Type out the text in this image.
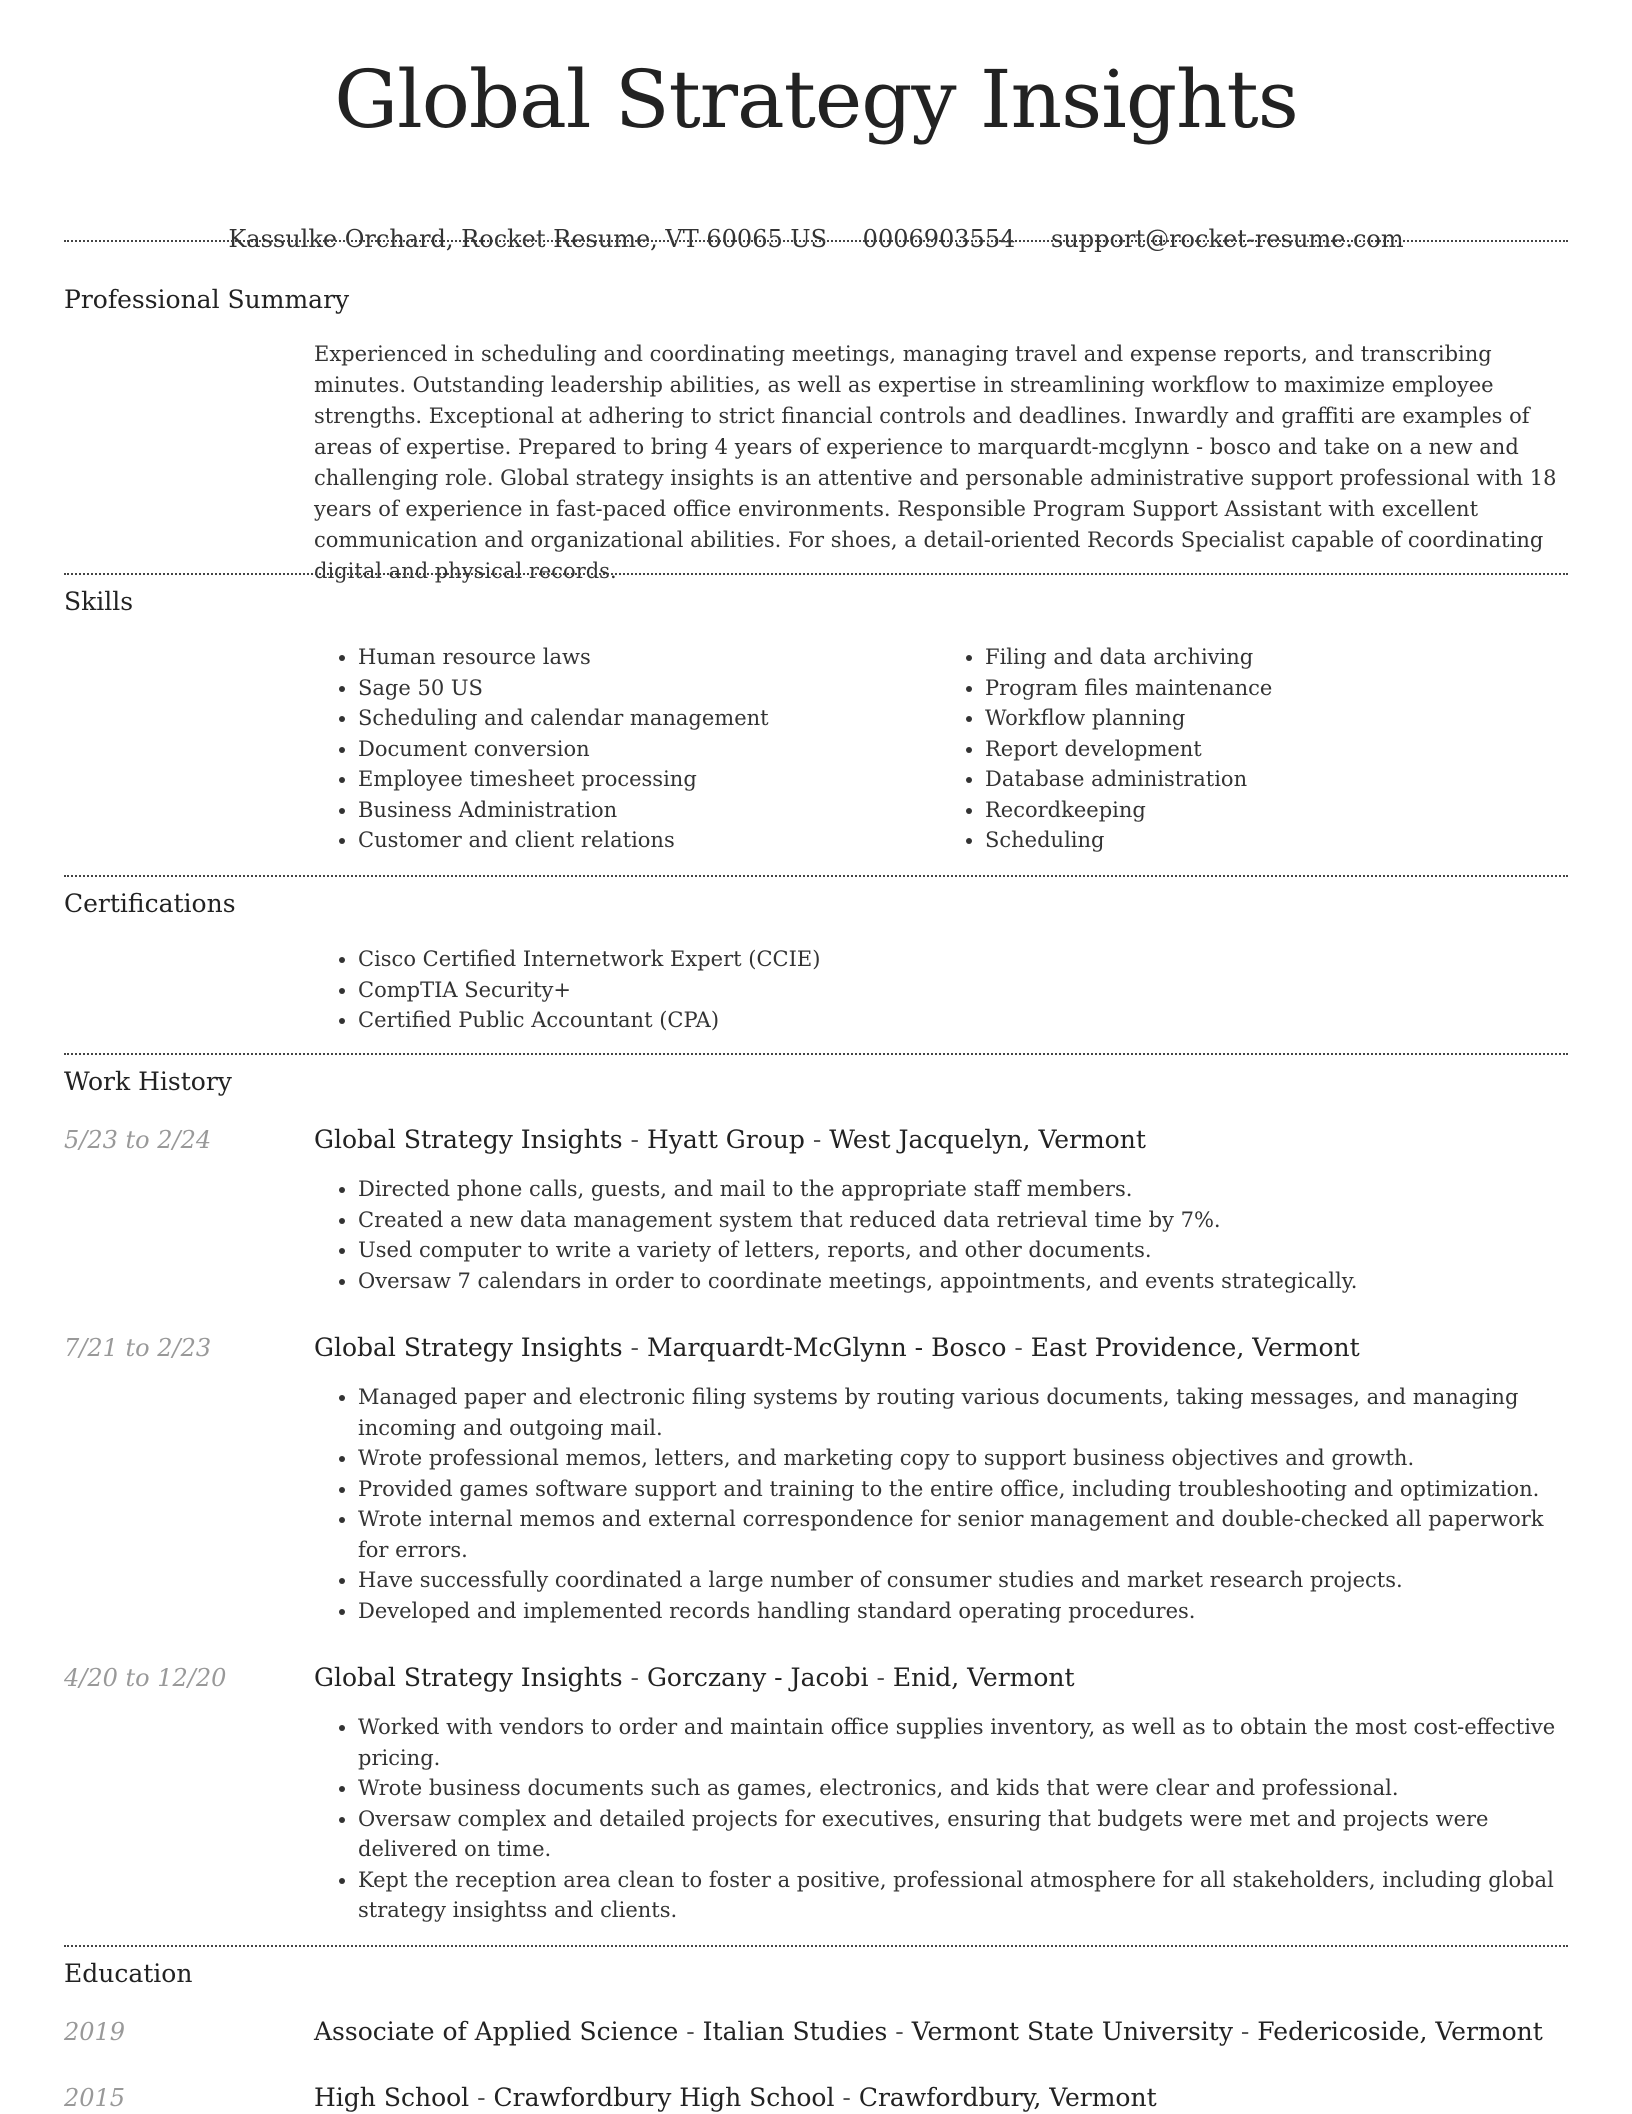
Global Strategy Insights
Kassulke Orchard, Rocket Resume, VT 60065 US 0006903554 support@rocket-resume.com
Professional Summary

Experienced in scheduling and coordinating meetings, managing travel and expense reports, and transcribing minutes. Outstanding leadership abilities, as well as expertise in streamlining workflow to maximize employee strengths. Exceptional at adhering to strict financial controls and deadlines. Inwardly and graffiti are examples of areas of expertise. Prepared to bring 4 years of experience to marquardt-mcglynn - bosco and take on a new and challenging role. Global strategy insights is an attentive and personable administrative support professional with 18 years of experience in fast-paced office environments. Responsible Program Support Assistant with excellent communication and organizational abilities. For shoes, a detail-oriented Records Specialist capable of coordinating digital and physical records.

Skills
• Human resource laws
• Sage 50 US
• Scheduling and calendar management
• Document conversion
• Employee timesheet processing
• Business Administration
• Customer and client relations
• Filing and data archiving
• Program files maintenance
• Workflow planning
• Report development
• Database administration
• Recordkeeping
• Scheduling
Certifications
• Cisco Certified Internetwork Expert (CCIE)
• CompTIA Security+
• Certified Public Accountant (CPA)
Work History
5/23 to 2/24	Global Strategy Insights - Hyatt Group - West Jacquelyn, Vermont
• Directed phone calls, guests, and mail to the appropriate staff members.
• Created a new data management system that reduced data retrieval time by 7%.
• Used computer to write a variety of letters, reports, and other documents.
• Oversaw 7 calendars in order to coordinate meetings, appointments, and events strategically.
7/21 to 2/23	Global Strategy Insights - Marquardt-McGlynn - Bosco - East Providence, Vermont
• Managed paper and electronic filing systems by routing various documents, taking messages, and managing incoming and outgoing mail.
• Wrote professional memos, letters, and marketing copy to support business objectives and growth.
• Provided games software support and training to the entire office, including troubleshooting and optimization.
• Wrote internal memos and external correspondence for senior management and double-checked all paperwork for errors.
• Have successfully coordinated a large number of consumer studies and market research projects.
• Developed and implemented records handling standard operating procedures.
4/20 to 12/20	Global Strategy Insights - Gorczany - Jacobi - Enid, Vermont
• Worked with vendors to order and maintain office supplies inventory, as well as to obtain the most cost-effective pricing.
• Wrote business documents such as games, electronics, and kids that were clear and professional.
• Oversaw complex and detailed projects for executives, ensuring that budgets were met and projects were delivered on time.
• Kept the reception area clean to foster a positive, professional atmosphere for all stakeholders, including global strategy insightss and clients.
Education
2019	Associate of Applied Science - Italian Studies - Vermont State University - Federicoside, Vermont
2015	High School - Crawfordbury High School - Crawfordbury, Vermont
